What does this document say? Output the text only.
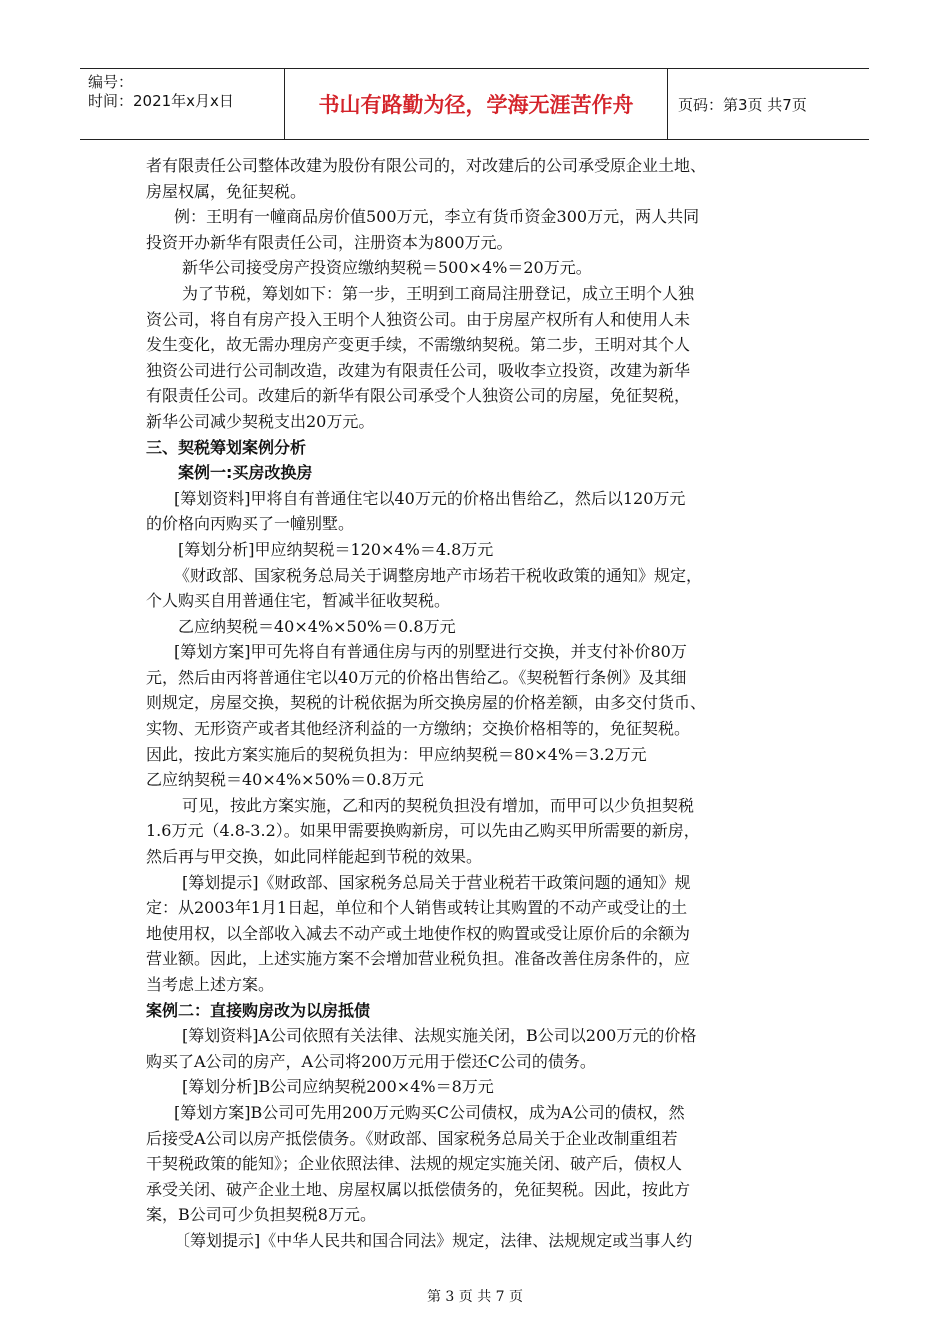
编号：
时间：2021年x月x日	书山有路勤为径，学海无涯苦作舟	页码：第3页 共7页

者有限责任公司整体改建为股份有限公司的，对改建后的公司承受原企业土地、

房屋权属，免征契税。

例：王明有一幢商品房价值500万元，李立有货币资金300万元，两人共同

投资开办新华有限责任公司，注册资本为800万元。

新华公司接受房产投资应缴纳契税＝500×4%＝20万元。

为了节税，筹划如下：第一步，王明到工商局注册登记，成立王明个人独

资公司，将自有房产投入王明个人独资公司。由于房屋产权所有人和使用人未

发生变化，故无需办理房产变更手续，不需缴纳契税。第二步，王明对其个人

独资公司进行公司制改造，改建为有限责任公司，吸收李立投资，改建为新华

有限责任公司。改建后的新华有限公司承受个人独资公司的房屋，免征契税，

新华公司减少契税支出20万元。

三、契税筹划案例分析

案例一:买房改换房

[筹划资料]甲将自有普通住宅以40万元的价格出售给乙，然后以120万元

的价格向丙购买了一幢别墅。

[筹划分析]甲应纳契税＝120×4%＝4.8万元

《财政部、国家税务总局关于调整房地产市场若干税收政策的通知》规定，

个人购买自用普通住宅，暂减半征收契税。

乙应纳契税＝40×4%×50%＝0.8万元

[筹划方案]甲可先将自有普通住房与丙的别墅进行交换，并支付补价80万

元，然后由丙将普通住宅以40万元的价格出售给乙。《契税暂行条例》及其细

则规定，房屋交换，契税的计税依据为所交换房屋的价格差额，由多交付货币、

实物、无形资产或者其他经济利益的一方缴纳；交换价格相等的，免征契税。

因此，按此方案实施后的契税负担为：甲应纳契税＝80×4%＝3.2万元

乙应纳契税＝40×4%×50%＝0.8万元

可见，按此方案实施，乙和丙的契税负担没有增加，而甲可以少负担契税

1.6万元（4.8-3.2）。如果甲需要换购新房，可以先由乙购买甲所需要的新房，

然后再与甲交换，如此同样能起到节税的效果。

[筹划提示]《财政部、国家税务总局关于营业税若干政策问题的通知》规

定：从2003年1月1日起，单位和个人销售或转让其购置的不动产或受让的土

地使用权，以全部收入减去不动产或土地使作权的购置或受让原价后的余额为

营业额。因此，上述实施方案不会增加营业税负担。准备改善住房条件的，应

当考虑上述方案。

案例二：直接购房改为以房抵债

[筹划资料]A公司依照有关法律、法规实施关闭，B公司以200万元的价格

购买了A公司的房产，A公司将200万元用于偿还C公司的债务。

[筹划分析]B公司应纳契税200×4%＝8万元

[筹划方案]B公司可先用200万元购买C公司债权，成为A公司的债权，然

后接受A公司以房产抵偿债务。《财政部、国家税务总局关于企业改制重组若

干契税政策的能知》；企业依照法律、法规的规定实施关闭、破产后，债权人

承受关闭、破产企业土地、房屋权属以抵偿债务的，免征契税。因此，按此方

案，B公司可少负担契税8万元。

〔筹划提示]《中华人民共和国合同法》规定，法律、法规规定或当事人约

第 3 页 共 7 页
